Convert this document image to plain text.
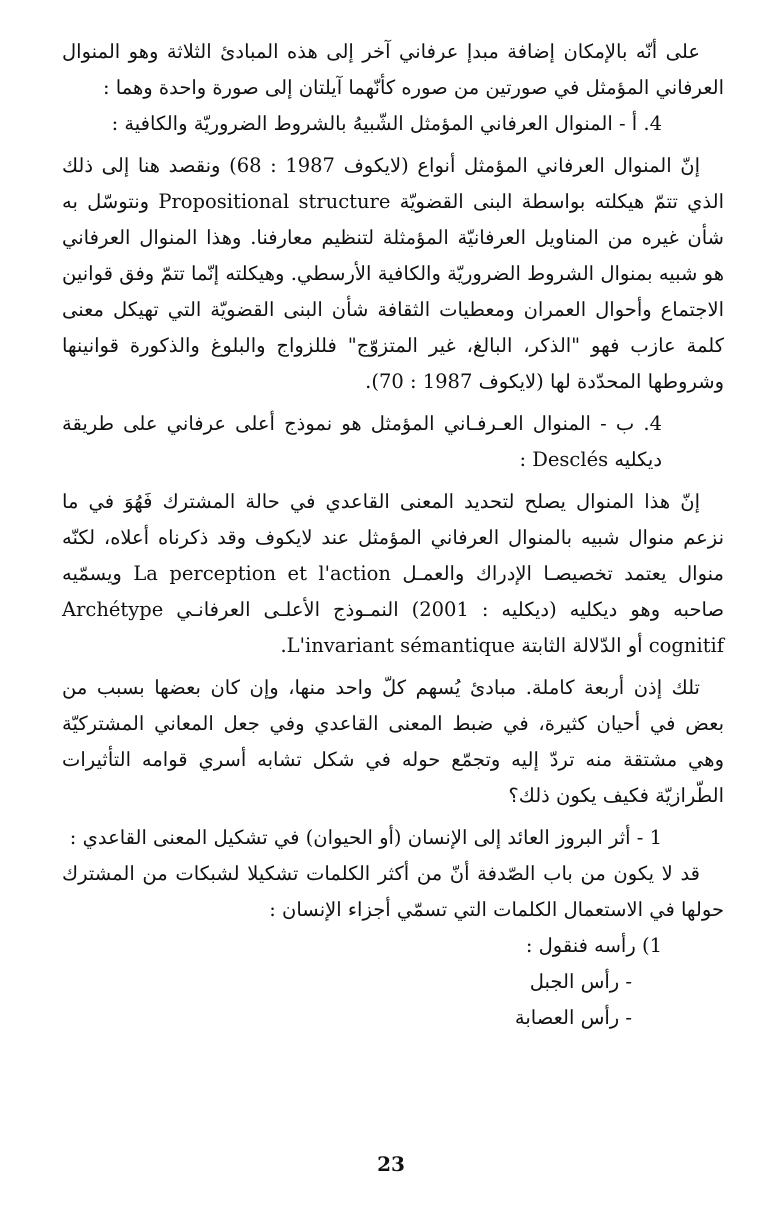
على أنّه بالإمكان إضافة مبدإ عرفاني آخر إلى هذه المبادئ الثلاثة وهو المنوال العرفاني المؤمثل في صورتين من صوره كأنّهما آيلتان إلى صورة واحدة وهما :

4. أ - المنوال العرفاني المؤمثل الشّبيهُ بالشروط الضروريّة والكافية :

إنّ المنوال العرفاني المؤمثل أنواع (لايكوف 1987 : 68) ونقصد هنا إلى ذلك الذي تتمّ هيكلته بواسطة البنى القضويّة Propositional structure ونتوسّل به شأن غيره من المناويل العرفانيّة المؤمثلة لتنظيم معارفنا. وهذا المنوال العرفاني هو شبيه بمنوال الشروط الضروريّة والكافية الأرسطي. وهيكلته إنّما تتمّ وفق قوانين الاجتماع وأحوال العمران ومعطيات الثقافة شأن البنى القضويّة التي تهيكل معنى كلمة عازب فهو "الذكر، البالغ، غير المتزوّج" فللزواج والبلوغ والذكورة قوانينها وشروطها المحدّدة لها (لايكوف 1987 : 70).

4. ب - المنوال العـرفـاني المؤمثل هو نموذج أعلى عرفاني على طريقة ديكليه Desclés :

إنّ هذا المنوال يصلح لتحديد المعنى القاعدي في حالة المشترك فَهُوَ في ما نزعم منوال شبيه بالمنوال العرفاني المؤمثل عند لايكوف وقد ذكرناه أعلاه، لكنّه منوال يعتمد تخصيصـا الإدراك والعمـل La perception et l'action ويسمّيه صاحبه وهو ديكليه (ديكليه : 2001) النمـوذج الأعلـى العرفانـي Archétype cognitif أو الدّلالة الثابتة L'invariant sémantique.

تلك إذن أربعة كاملة. مبادئ يُسهم كلّ واحد منها، وإن كان بعضها بسبب من بعض في أحيان كثيرة، في ضبط المعنى القاعدي وفي جعل المعاني المشتركيّة وهي مشتقة منه تردّ إليه وتجمّع حوله في شكل تشابه أسري قوامه التأثيرات الطّرازيّة فكيف يكون ذلك؟

1 - أثر البروز العائد إلى الإنسان (أو الحيوان) في تشكيل المعنى القاعدي :

قد لا يكون من باب الصّدفة أنّ من أكثر الكلمات تشكيلا لشبكات من المشترك حولها في الاستعمال الكلمات التي تسمّي أجزاء الإنسان :

1) رأسه فنقول :

- رأس الجبل

- رأس العصابة

23
